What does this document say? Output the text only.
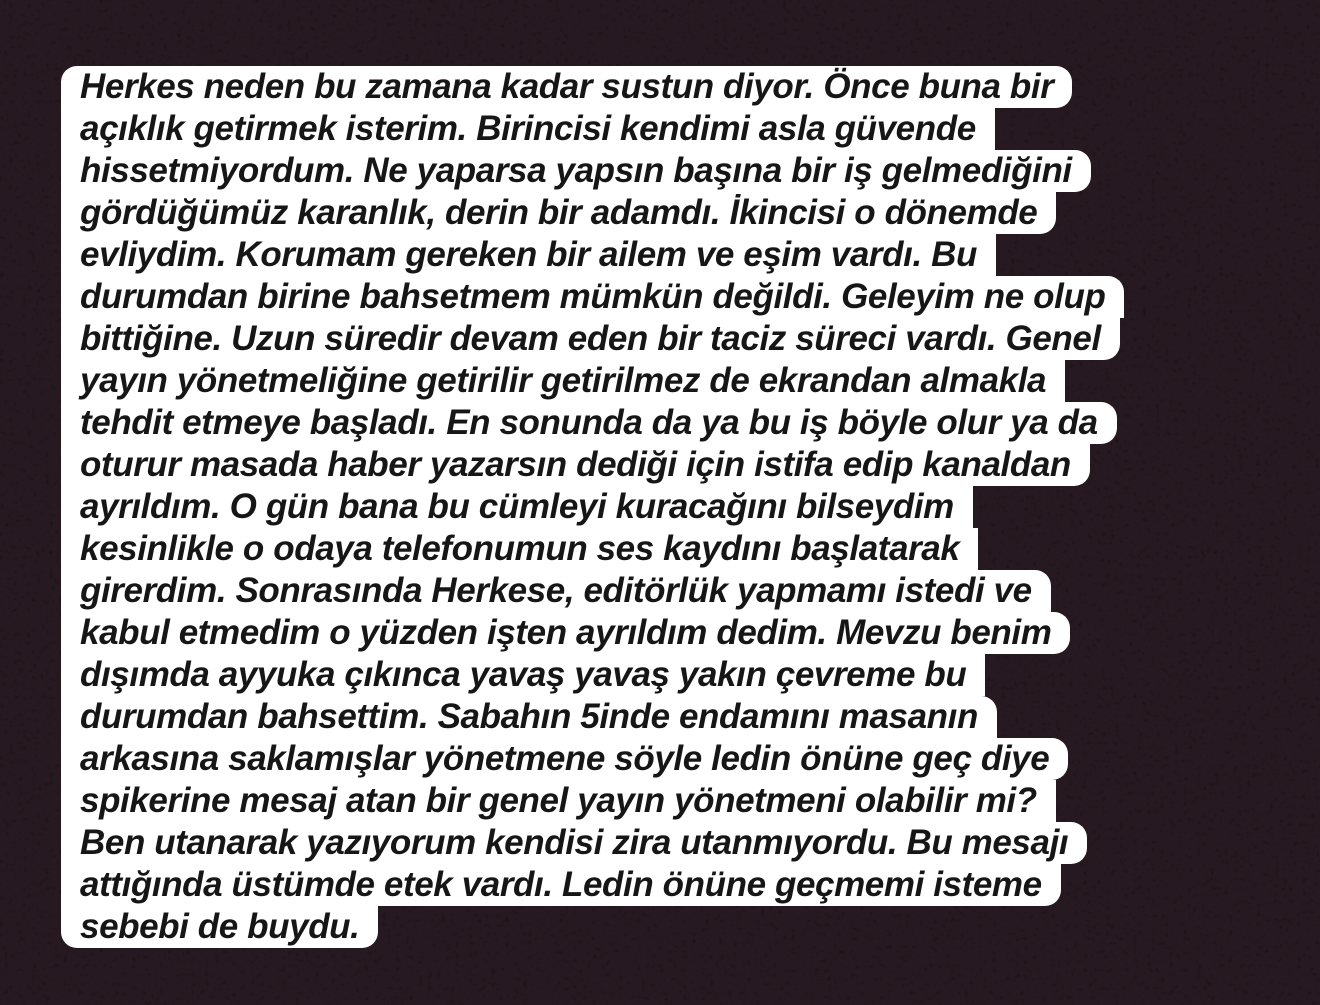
Herkes neden bu zamana kadar sustun diyor. Önce buna bir
açıklık getirmek isterim. Birincisi kendimi asla güvende
hissetmiyordum. Ne yaparsa yapsın başına bir iş gelmediğini
gördüğümüz karanlık, derin bir adamdı. İkincisi o dönemde
evliydim. Korumam gereken bir ailem ve eşim vardı. Bu
durumdan birine bahsetmem mümkün değildi. Geleyim ne olup
bittiğine. Uzun süredir devam eden bir taciz süreci vardı. Genel
yayın yönetmeliğine getirilir getirilmez de ekrandan almakla
tehdit etmeye başladı. En sonunda da ya bu iş böyle olur ya da
oturur masada haber yazarsın dediği için istifa edip kanaldan
ayrıldım. O gün bana bu cümleyi kuracağını bilseydim
kesinlikle o odaya telefonumun ses kaydını başlatarak
girerdim. Sonrasında Herkese, editörlük yapmamı istedi ve
kabul etmedim o yüzden işten ayrıldım dedim. Mevzu benim
dışımda ayyuka çıkınca yavaş yavaş yakın çevreme bu
durumdan bahsettim. Sabahın 5inde endamını masanın
arkasına saklamışlar yönetmene söyle ledin önüne geç diye
spikerine mesaj atan bir genel yayın yönetmeni olabilir mi?
Ben utanarak yazıyorum kendisi zira utanmıyordu. Bu mesajı
attığında üstümde etek vardı. Ledin önüne geçmemi isteme
sebebi de buydu.
